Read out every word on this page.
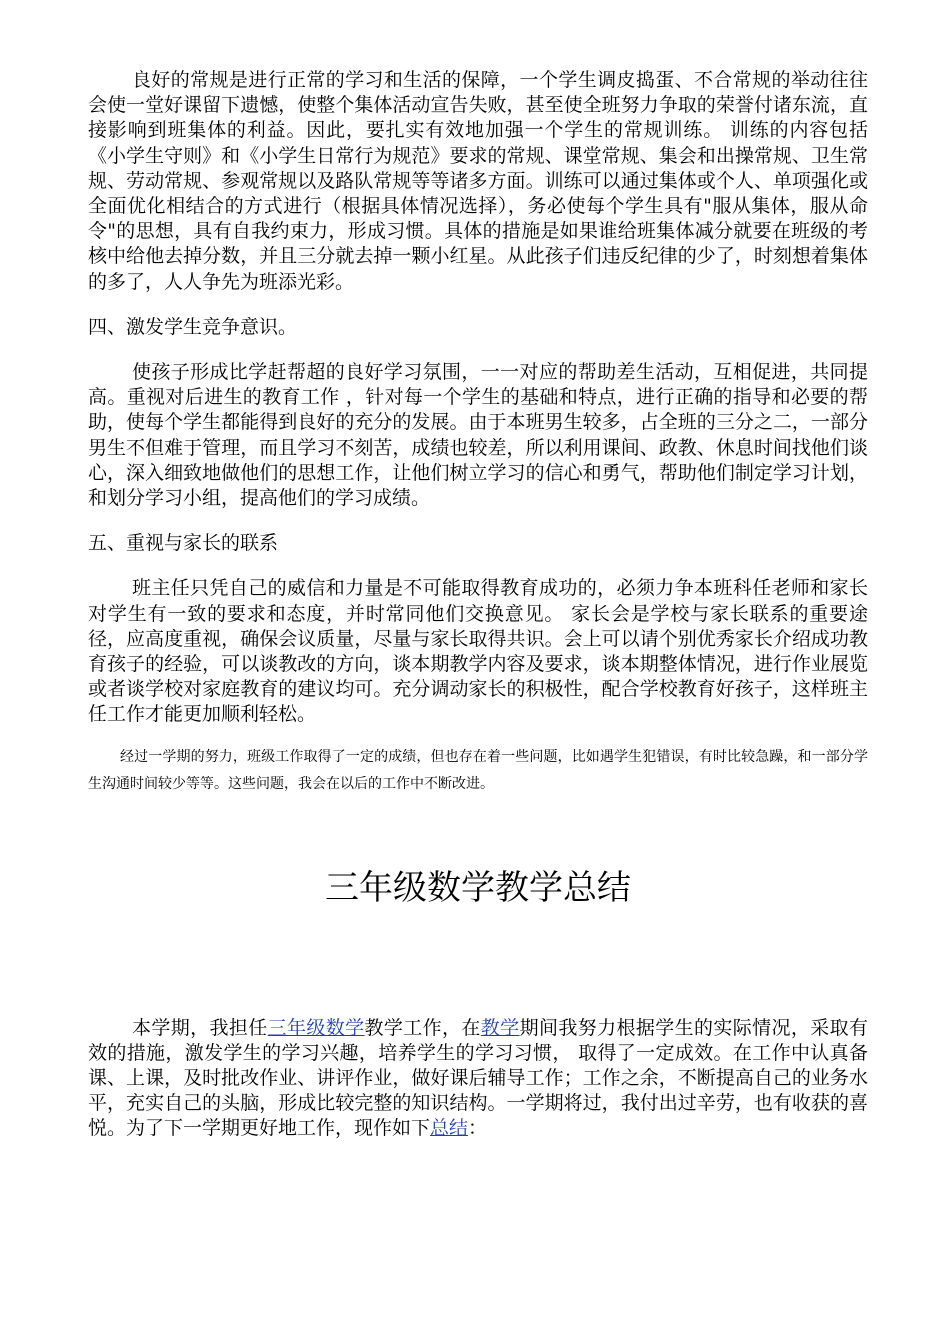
良好的常规是进行正常的学习和生活的保障，一个学生调皮捣蛋、不合常规的举动往往会使一堂好课留下遗憾，使整个集体活动宣告失败，甚至使全班努力争取的荣誉付诸东流，直接影响到班集体的利益。因此，要扎实有效地加强一个学生的常规训练。 训练的内容包括《小学生守则》和《小学生日常行为规范》要求的常规、课堂常规、集会和出操常规、卫生常规、劳动常规、参观常规以及路队常规等等诸多方面。训练可以通过集体或个人、单项强化或全面优化相结合的方式进行（根据具体情况选择），务必使每个学生具有"服从集体，服从命令"的思想，具有自我约束力，形成习惯。具体的措施是如果谁给班集体减分就要在班级的考核中给他去掉分数，并且三分就去掉一颗小红星。从此孩子们违反纪律的少了，时刻想着集体的多了，人人争先为班添光彩。

四、激发学生竞争意识。

使孩子形成比学赶帮超的良好学习氛围，一一对应的帮助差生活动，互相促进，共同提高。重视对后进生的教育工作 ，针对每一个学生的基础和特点，进行正确的指导和必要的帮助，使每个学生都能得到良好的充分的发展。由于本班男生较多，占全班的三分之二，一部分男生不但难于管理，而且学习不刻苦，成绩也较差，所以利用课间、政教、休息时间找他们谈心，深入细致地做他们的思想工作，让他们树立学习的信心和勇气，帮助他们制定学习计划，和划分学习小组，提高他们的学习成绩。

五、重视与家长的联系

班主任只凭自己的威信和力量是不可能取得教育成功的，必须力争本班科任老师和家长对学生有一致的要求和态度，并时常同他们交换意见。 家长会是学校与家长联系的重要途径，应高度重视，确保会议质量，尽量与家长取得共识。会上可以请个别优秀家长介绍成功教育孩子的经验，可以谈教改的方向，谈本期教学内容及要求，谈本期整体情况，进行作业展览或者谈学校对家庭教育的建议均可。充分调动家长的积极性，配合学校教育好孩子，这样班主任工作才能更加顺利轻松。

经过一学期的努力，班级工作取得了一定的成绩，但也存在着一些问题，比如遇学生犯错误，有时比较急躁，和一部分学生沟通时间较少等等。这些问题，我会在以后的工作中不断改进。

三年级数学教学总结

本学期，我担任三年级数学教学工作，在教学期间我努力根据学生的实际情况，采取有效的措施，激发学生的学习兴趣，培养学生的学习习惯， 取得了一定成效。在工作中认真备课、上课，及时批改作业、讲评作业，做好课后辅导工作；工作之余，不断提高自己的业务水平，充实自己的头脑，形成比较完整的知识结构。一学期将过，我付出过辛劳，也有收获的喜悦。为了下一学期更好地工作，现作如下总结：
